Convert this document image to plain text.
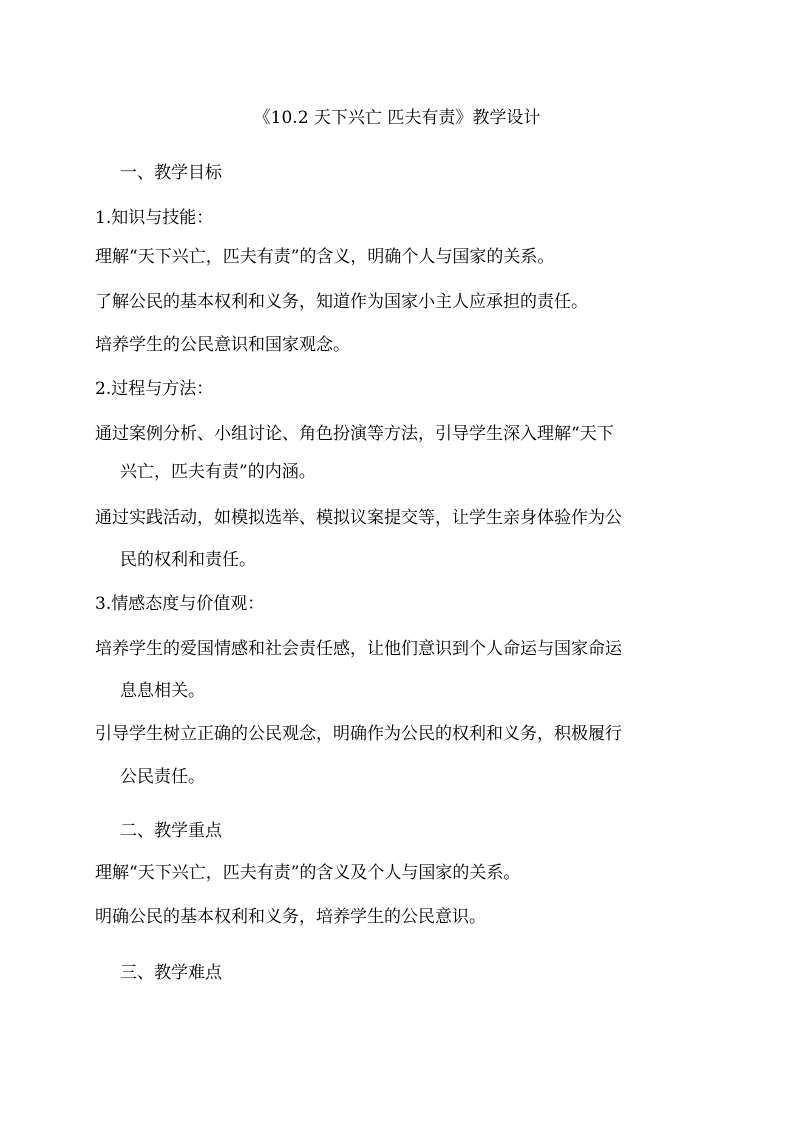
《10.2 天下兴亡 匹夫有责》教学设计
一、教学目标
1.知识与技能：
理解“天下兴亡，匹夫有责”的含义，明确个人与国家的关系。
了解公民的基本权利和义务，知道作为国家小主人应承担的责任。
培养学生的公民意识和国家观念。
2.过程与方法：
通过案例分析、小组讨论、角色扮演等方法，引导学生深入理解“天下
兴亡，匹夫有责”的内涵。
通过实践活动，如模拟选举、模拟议案提交等，让学生亲身体验作为公
民的权利和责任。
3.情感态度与价值观：
培养学生的爱国情感和社会责任感，让他们意识到个人命运与国家命运
息息相关。
引导学生树立正确的公民观念，明确作为公民的权利和义务，积极履行
公民责任。
二、教学重点
理解“天下兴亡，匹夫有责”的含义及个人与国家的关系。
明确公民的基本权利和义务，培养学生的公民意识。
三、教学难点
